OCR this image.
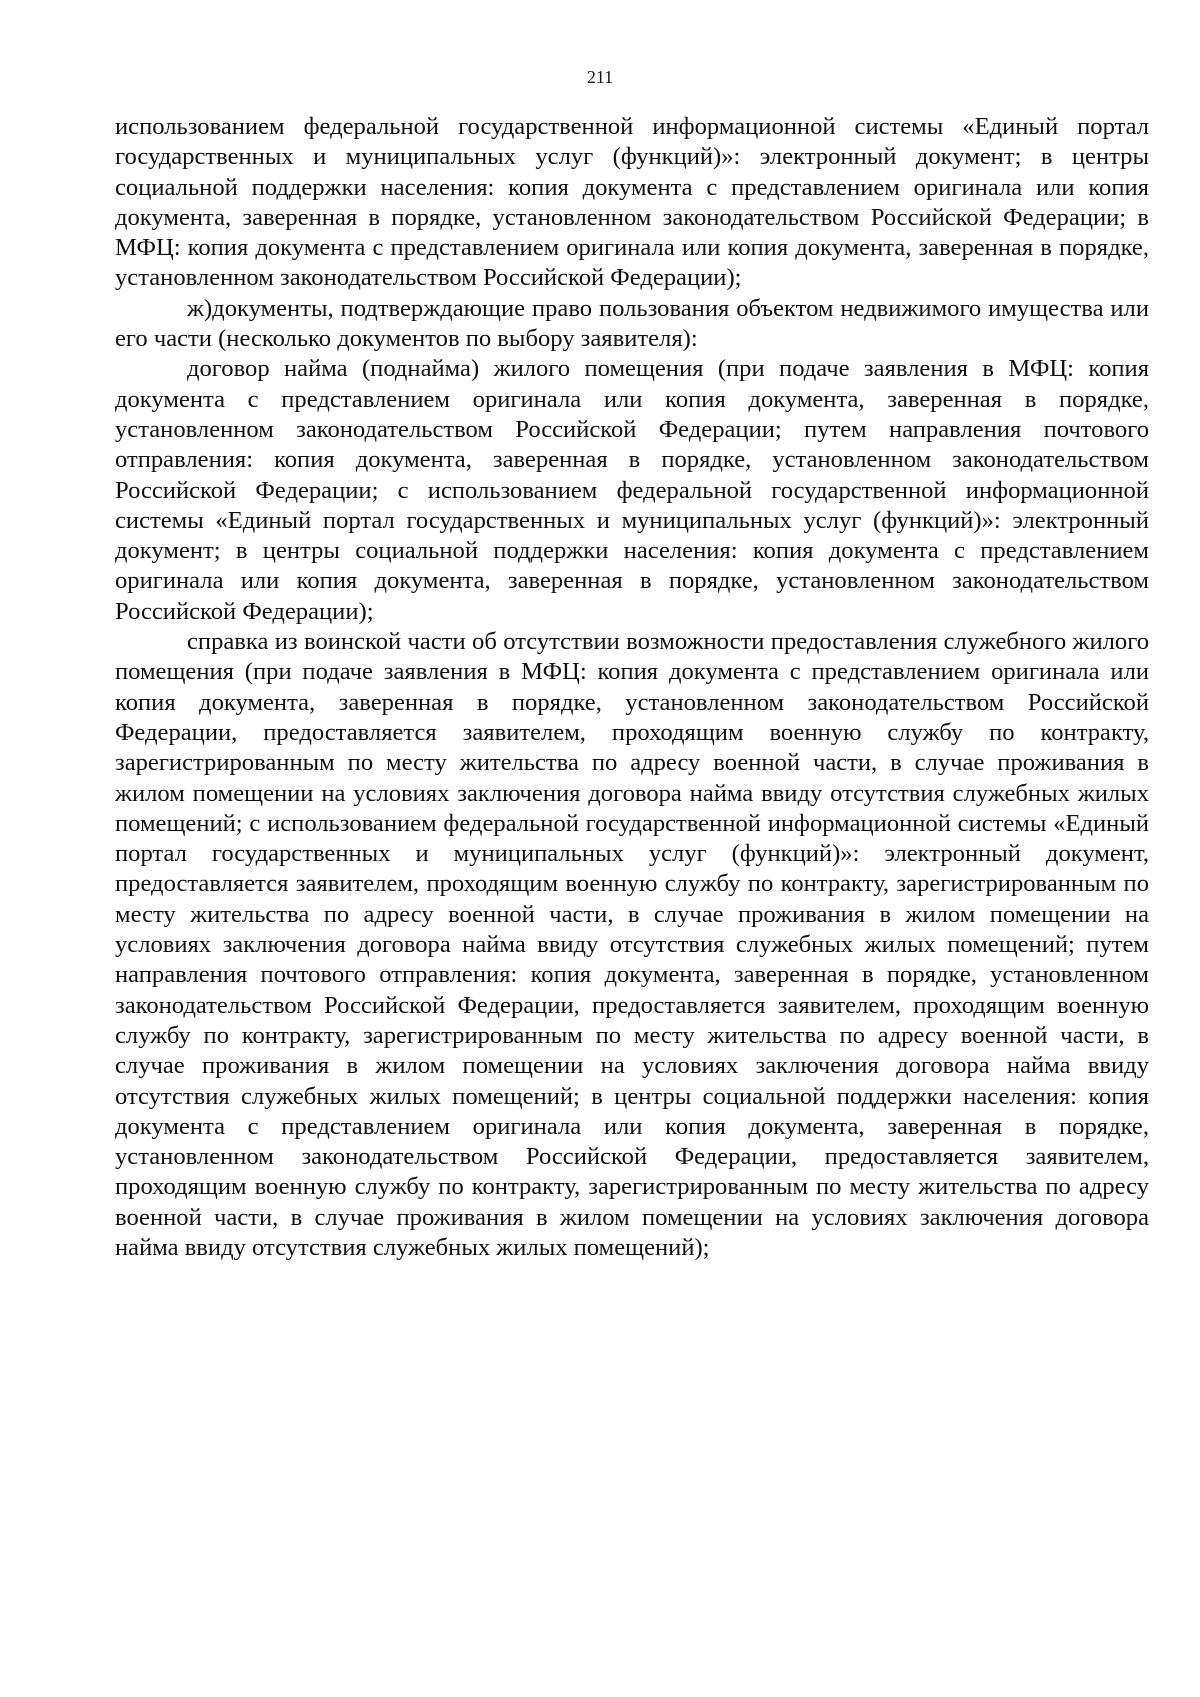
211

использованием федеральной государственной информационной системы «Единый портал государственных и муниципальных услуг (функций)»: электронный документ; в центры социальной поддержки населения: копия документа с представлением оригинала или копия документа, заверенная в порядке, установленном законодательством Российской Федерации; в МФЦ: копия документа с представлением оригинала или копия документа, заверенная в порядке, установленном законодательством Российской Федерации);

ж)документы, подтверждающие право пользования объектом недвижимого имущества или его части (несколько документов по выбору заявителя):

договор найма (поднайма) жилого помещения (при подаче заявления в МФЦ: копия документа с представлением оригинала или копия документа, заверенная в порядке, установленном законодательством Российской Федерации; путем направления почтового отправления: копия документа, заверенная в порядке, установленном законодательством Российской Федерации; с использованием федеральной государственной информационной системы «Единый портал государственных и муниципальных услуг (функций)»: электронный документ; в центры социальной поддержки населения: копия документа с представлением оригинала или копия документа, заверенная в порядке, установленном законодательством Российской Федерации);

справка из воинской части об отсутствии возможности предоставления служебного жилого помещения (при подаче заявления в МФЦ: копия документа с представлением оригинала или копия документа, заверенная в порядке, установленном законодательством Российской Федерации, предоставляется заявителем, проходящим военную службу по контракту, зарегистрированным по месту жительства по адресу военной части, в случае проживания в жилом помещении на условиях заключения договора найма ввиду отсутствия служебных жилых помещений; с использованием федеральной государственной информационной системы «Единый портал государственных и муниципальных услуг (функций)»: электронный документ, предоставляется заявителем, проходящим военную службу по контракту, зарегистрированным по месту жительства по адресу военной части, в случае проживания в жилом помещении на условиях заключения договора найма ввиду отсутствия служебных жилых помещений; путем направления почтового отправления: копия документа, заверенная в порядке, установленном законодательством Российской Федерации, предоставляется заявителем, проходящим военную службу по контракту, зарегистрированным по месту жительства по адресу военной части, в случае проживания в жилом помещении на условиях заключения договора найма ввиду отсутствия служебных жилых помещений; в центры социальной поддержки населения: копия документа с представлением оригинала или копия документа, заверенная в порядке, установленном законодательством Российской Федерации, предоставляется заявителем, проходящим военную службу по контракту, зарегистрированным по месту жительства по адресу военной части, в случае проживания в жилом помещении на условиях заключения договора найма ввиду отсутствия служебных жилых помещений);
